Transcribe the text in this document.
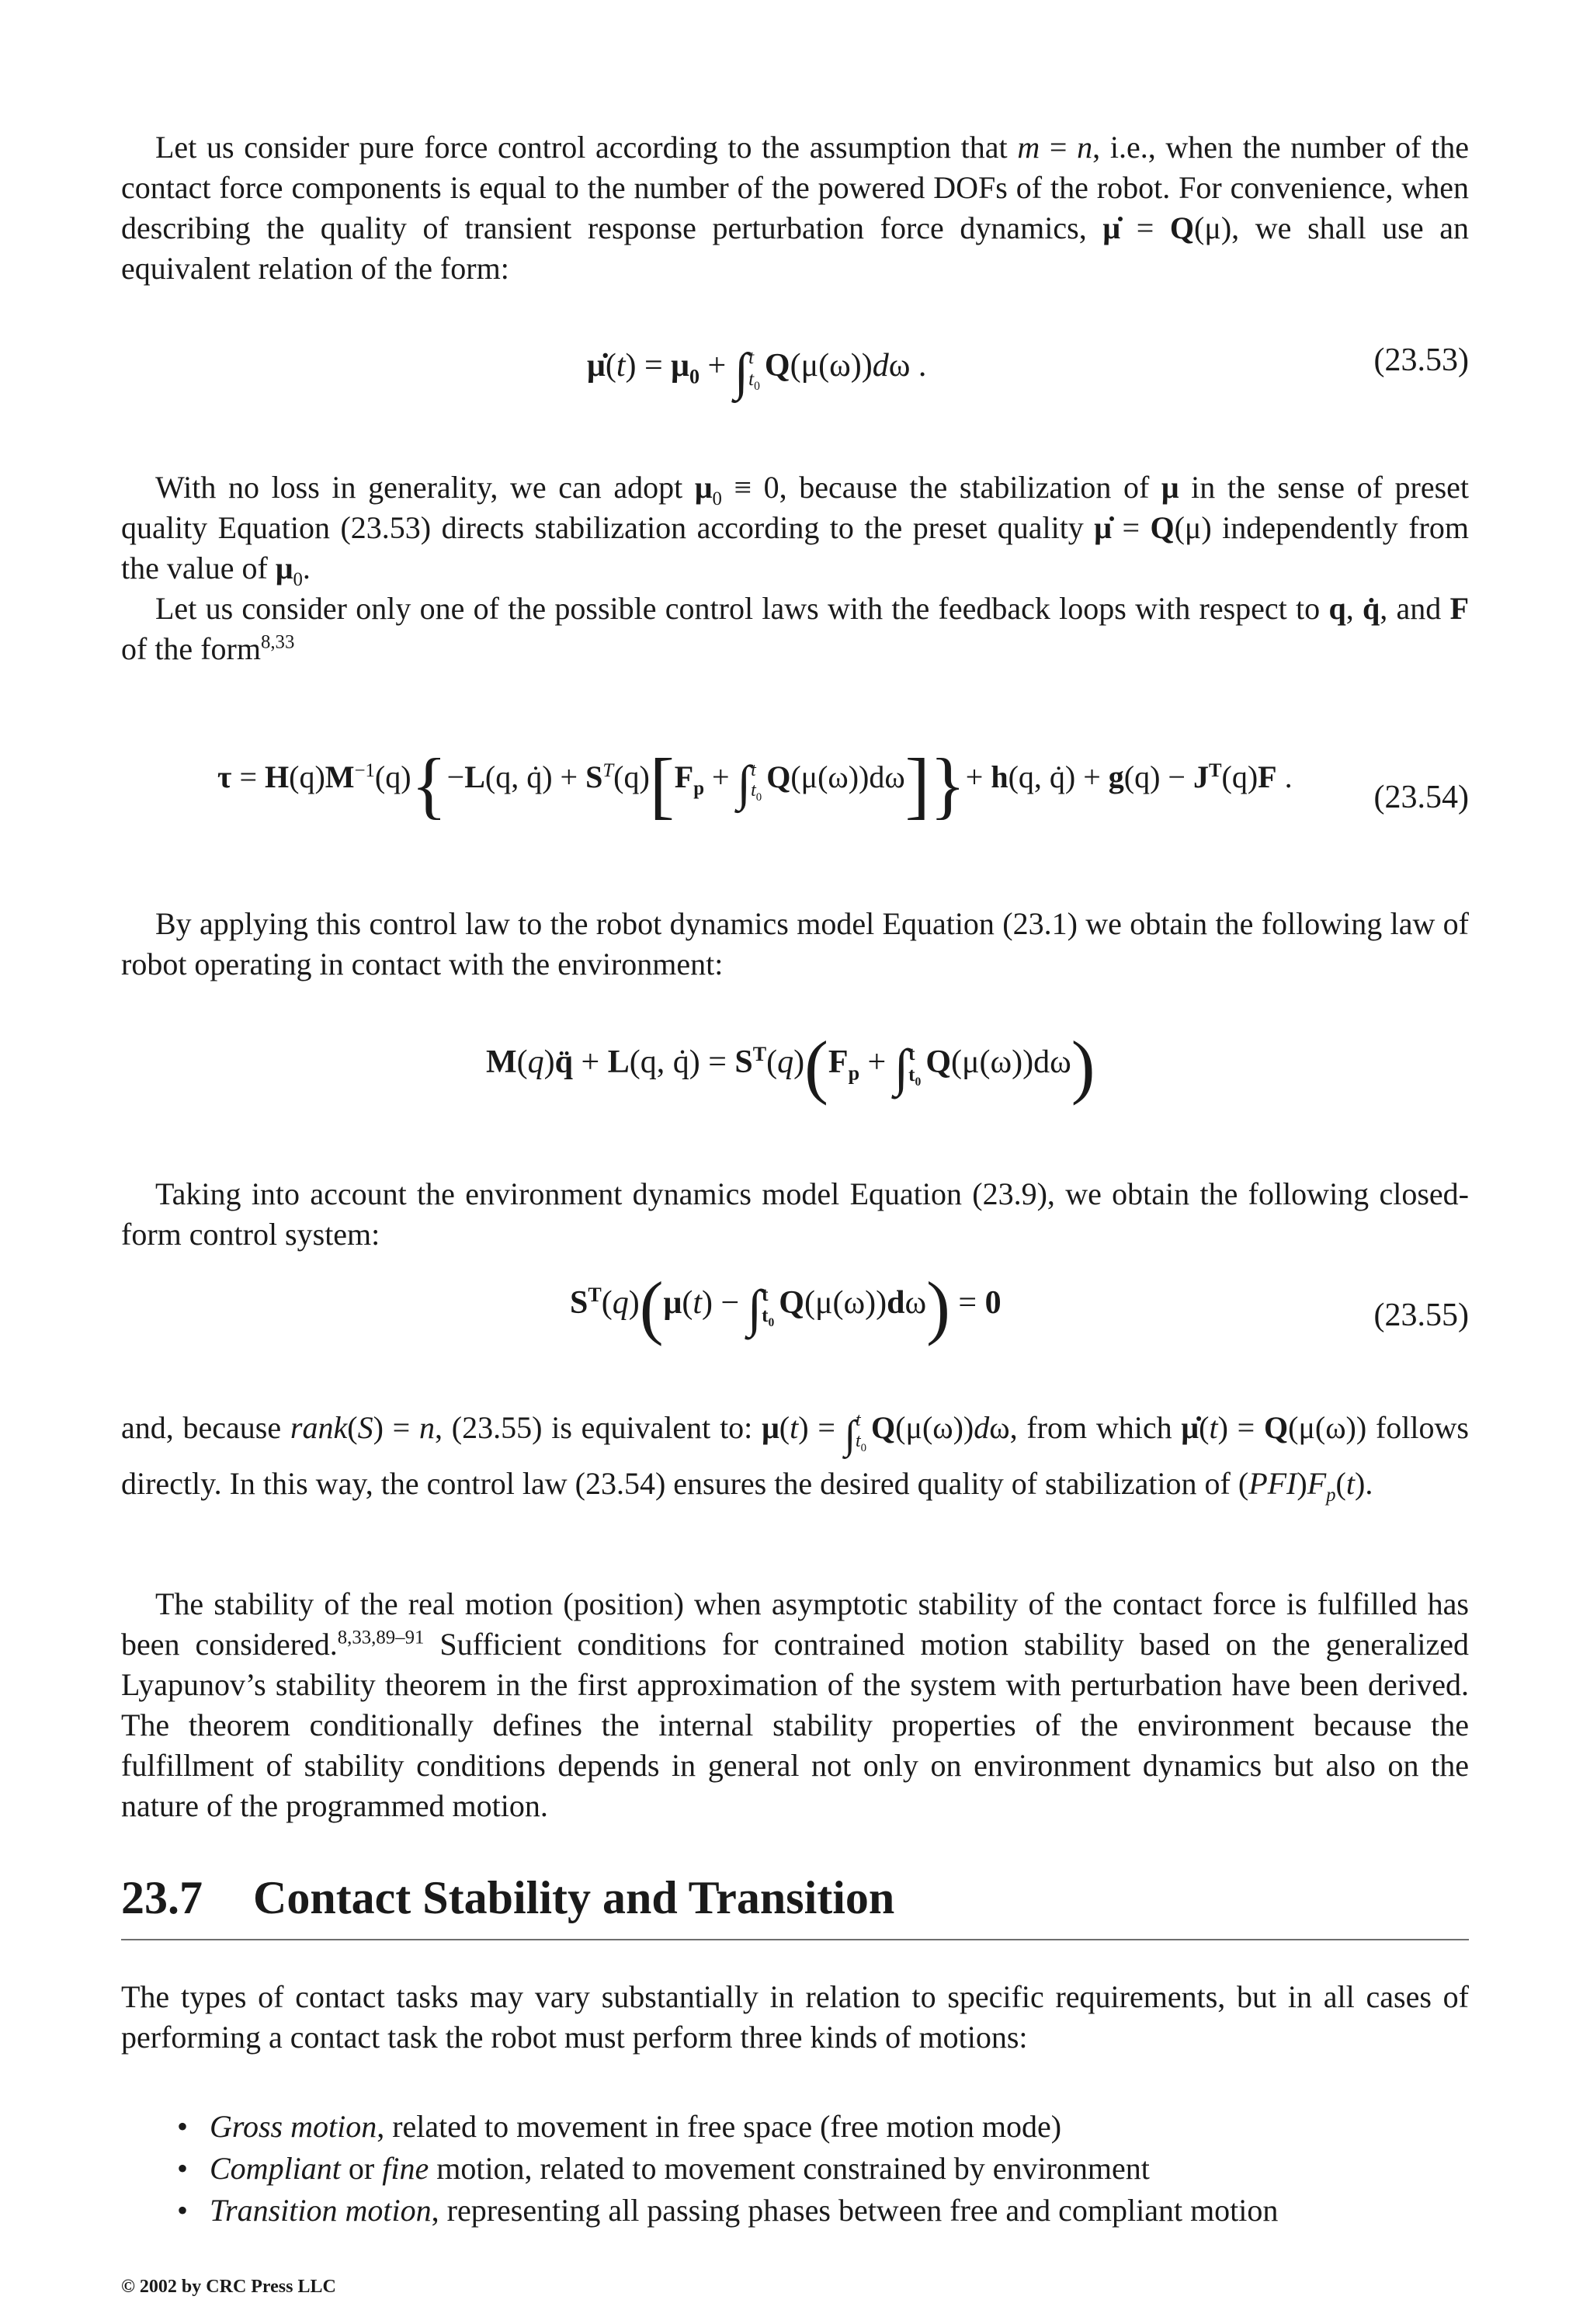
Let us consider pure force control according to the assumption that m = n, i.e., when the number of the contact force components is equal to the number of the powered DOFs of the robot. For convenience, when describing the quality of transient response perturbation force dynamics, μ̇ = Q(μ), we shall use an equivalent relation of the form:

μ̇(t) = $\mu_0 + \int t$
$t_0Q(\mu(\omega))d\omega$ .	(23.53)

With no loss in generality, we can adopt $\mu_0 \equiv 0$, because the stabilization of μ in the sense of preset quality Equation (23.53) directs stabilization according to the preset quality μ̇ = Q(μ) independently from the value of $\mu_0$.

Let us consider only one of the possible control laws with the feedback loops with respect to q, q̇, and F of the form$^{8,33}$

$\tau = H(q)M^{-1}(q)\{-L(q$, q̇) + $S^T(q)[F_p + \int t$
$t_0Q(\mu(\omega))d\omega]\}+ h(q$, q̇) + $g(q) - J^T(q)F$ .
(23.54)

By applying this control law to the robot dynamics model Equation (23.1) we obtain the following law of robot operating in contact with the environment:

M(q)q̈ + L(q, q̇) = $S^T(q)(F_p + \int t$
$t_0Q(\mu(\omega))d\omega$)

Taking into account the environment dynamics model Equation (23.9), we obtain the following closed-form control system:

$S^T(q)(\mu(t) - \int t$
$t_0Q(\mu(\omega))d\omega) = 0$	(23.55)

and, because rank(S) = n, (23.55) is equivalent to: μ(t) = ∫t
$t_0Q(\mu(\omega))d\omega$, from which μ̇(t) = Q(μ(ω)) follows directly. In this way, the control law (23.54) ensures the desired quality of stabilization of $(PFI)F_p(t)$.

The stability of the real motion (position) when asymptotic stability of the contact force is fulfilled has been considered.$^{8,33,89-91}$ Sufficient conditions for contrained motion stability based on the generalized Lyapunov’s stability theorem in the first approximation of the system with perturbation have been derived. The theorem conditionally defines the internal stability properties of the environment because the fulfillment of stability conditions depends in general not only on environment dynamics but also on the nature of the programmed motion.

23.7 Contact Stability and Transition

The types of contact tasks may vary substantially in relation to specific requirements, but in all cases of performing a contact task the robot must perform three kinds of motions:

• Gross motion, related to movement in free space (free motion mode)
• Compliant or fine motion, related to movement constrained by environment
• Transition motion, representing all passing phases between free and compliant motion
© 2002 by CRC Press LLC
